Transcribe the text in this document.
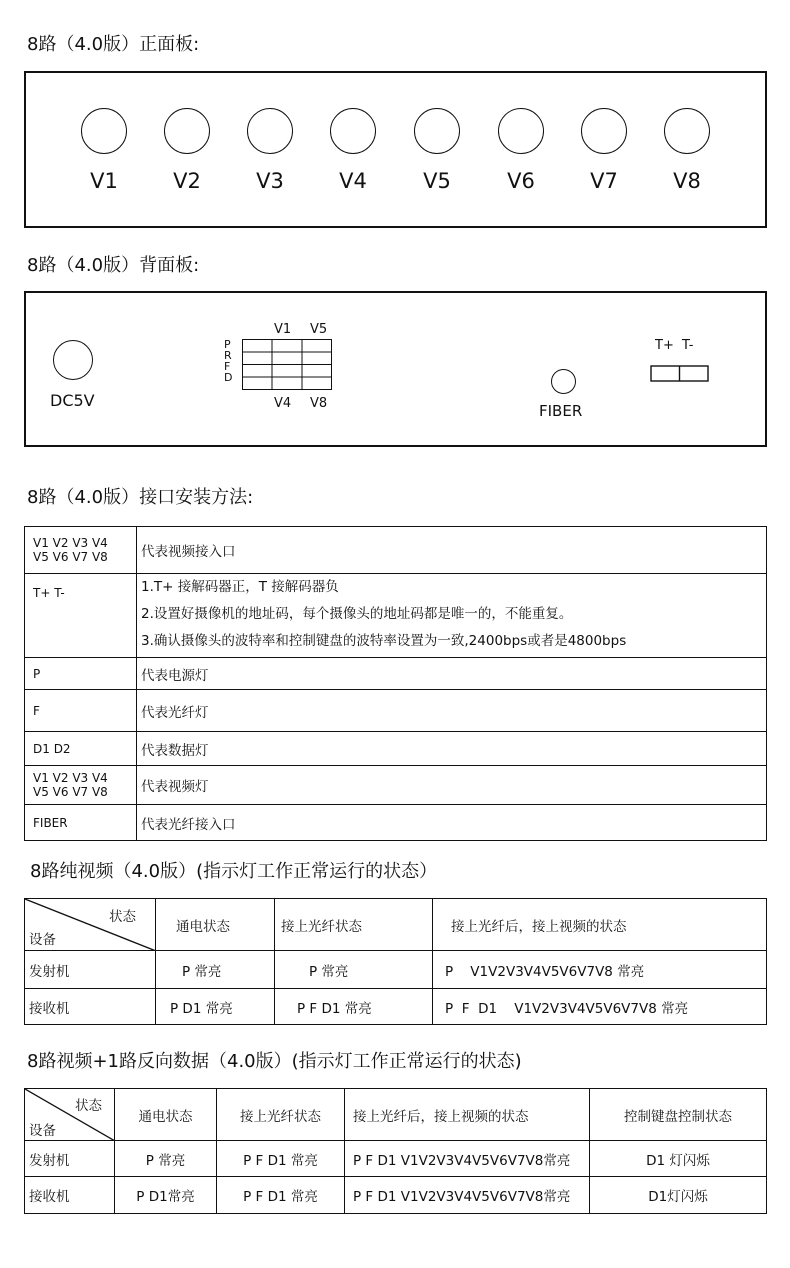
8路（4.0版）正面板:
V1	V2	V3	V4	V5	V6	V7	V8
8路（4.0版）背面板:
DC5V
V1 V5
V4 V8
P
R
F
D
FIBER
T+ T-
8路（4.0版）接口安装方法:
V1 V2 V3 V4
V5 V6 V7 V8	代表视频接入口
T+ T-	1.T+ 接解码器正，T 接解码器负
2.设置好摄像机的地址码，每个摄像头的地址码都是唯一的，不能重复。
3.确认摄像头的波特率和控制键盘的波特率设置为一致,2400bps或者是4800bps

P	代表电源灯
F	代表光纤灯
D1 D2	代表数据灯

V1 V2 V3 V4
V5 V6 V7 V8	代表视频灯
FIBER	代表光纤接入口
8路纯视频（4.0版）(指示灯工作正常运行的状态）
状态
设备	通电状态	接上光纤状态	接上光纤后，接上视频的状态
发射机	P 常亮	P 常亮	P    V1V2V3V4V5V6V7V8 常亮
接收机	P D1 常亮	P F D1 常亮	P  F  D1    V1V2V3V4V5V6V7V8 常亮
8路视频+1路反向数据（4.0版）(指示灯工作正常运行的状态)
状态
设备	通电状态	接上光纤状态	接上光纤后，接上视频的状态	控制键盘控制状态
发射机	P 常亮	P F D1 常亮	P F D1 V1V2V3V4V5V6V7V8常亮	D1 灯闪烁
接收机	P D1常亮	P F D1 常亮	P F D1 V1V2V3V4V5V6V7V8常亮	D1灯闪烁
